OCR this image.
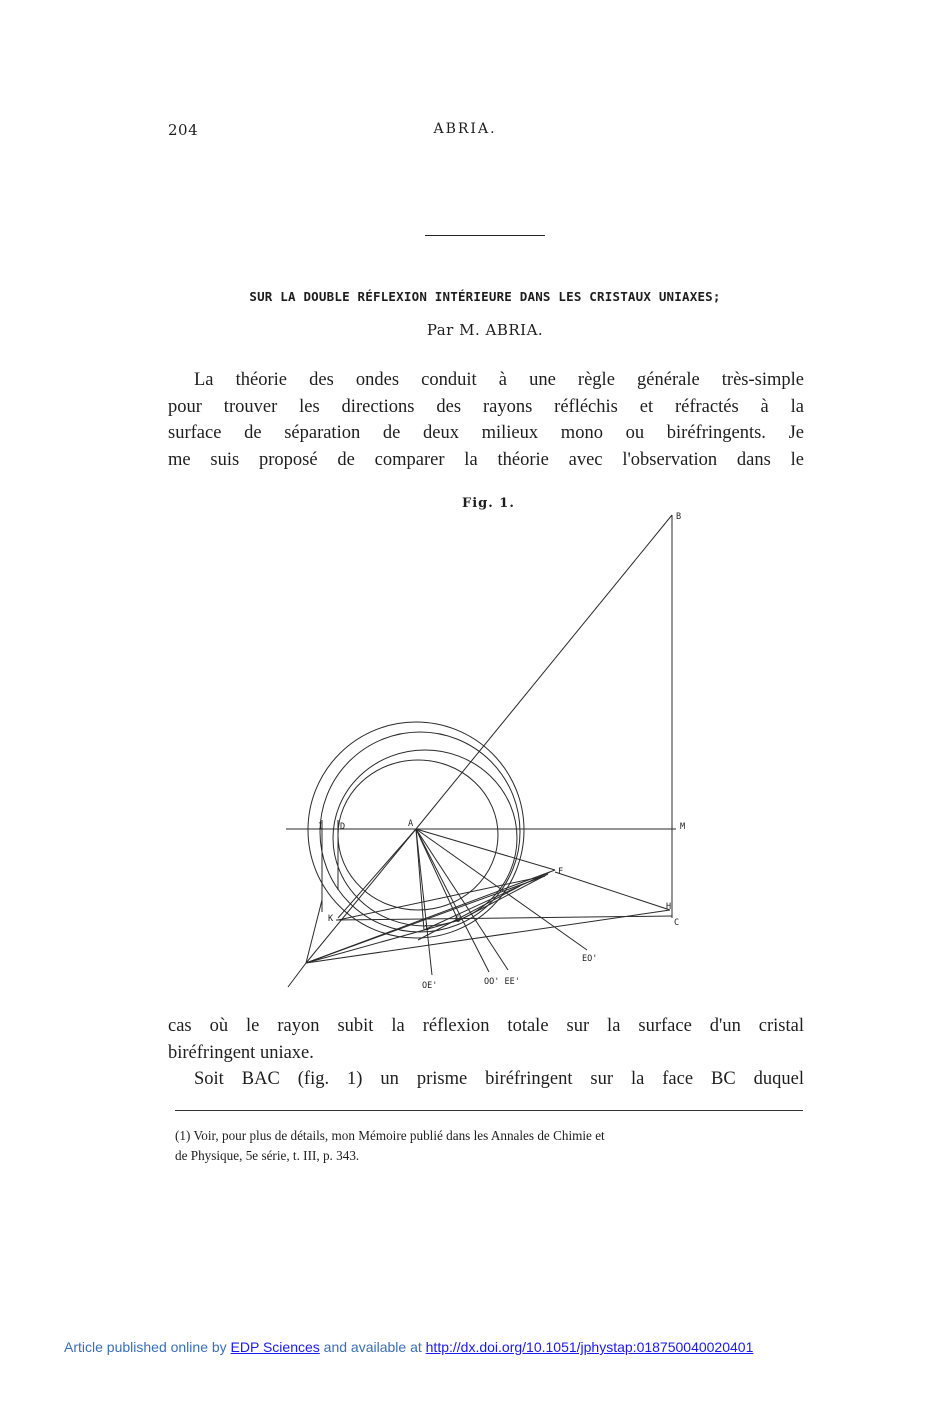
204	ABRIA.
SUR LA DOUBLE RÉFLEXION INTÉRIEURE DANS LES CRISTAUX UNIAXES;
Par M. ABRIA.
La théorie des ondes conduit à une règle générale très-simple
pour trouver les directions des rayons réfléchis et réfractés à la
surface de séparation de deux milieux mono ou biréfringents. Je
me suis proposé de comparer la théorie avec l'observation dans le
Fig. 1.
B
M
H
C
F
A
I D
K	G
i
EO'
OO' EE'
OE'
cas où le rayon subit la réflexion totale sur la surface d'un cristal
biréfringent uniaxe.
Soit BAC (fig. 1) un prisme biréfringent sur la face BC duquel
(1) Voir, pour plus de détails, mon Mémoire publié dans les Annales de Chimie et
de Physique, 5e série, t. III, p. 343.
Article published online by EDP Sciences and available at http://dx.doi.org/10.1051/jphystap:018750040020401
